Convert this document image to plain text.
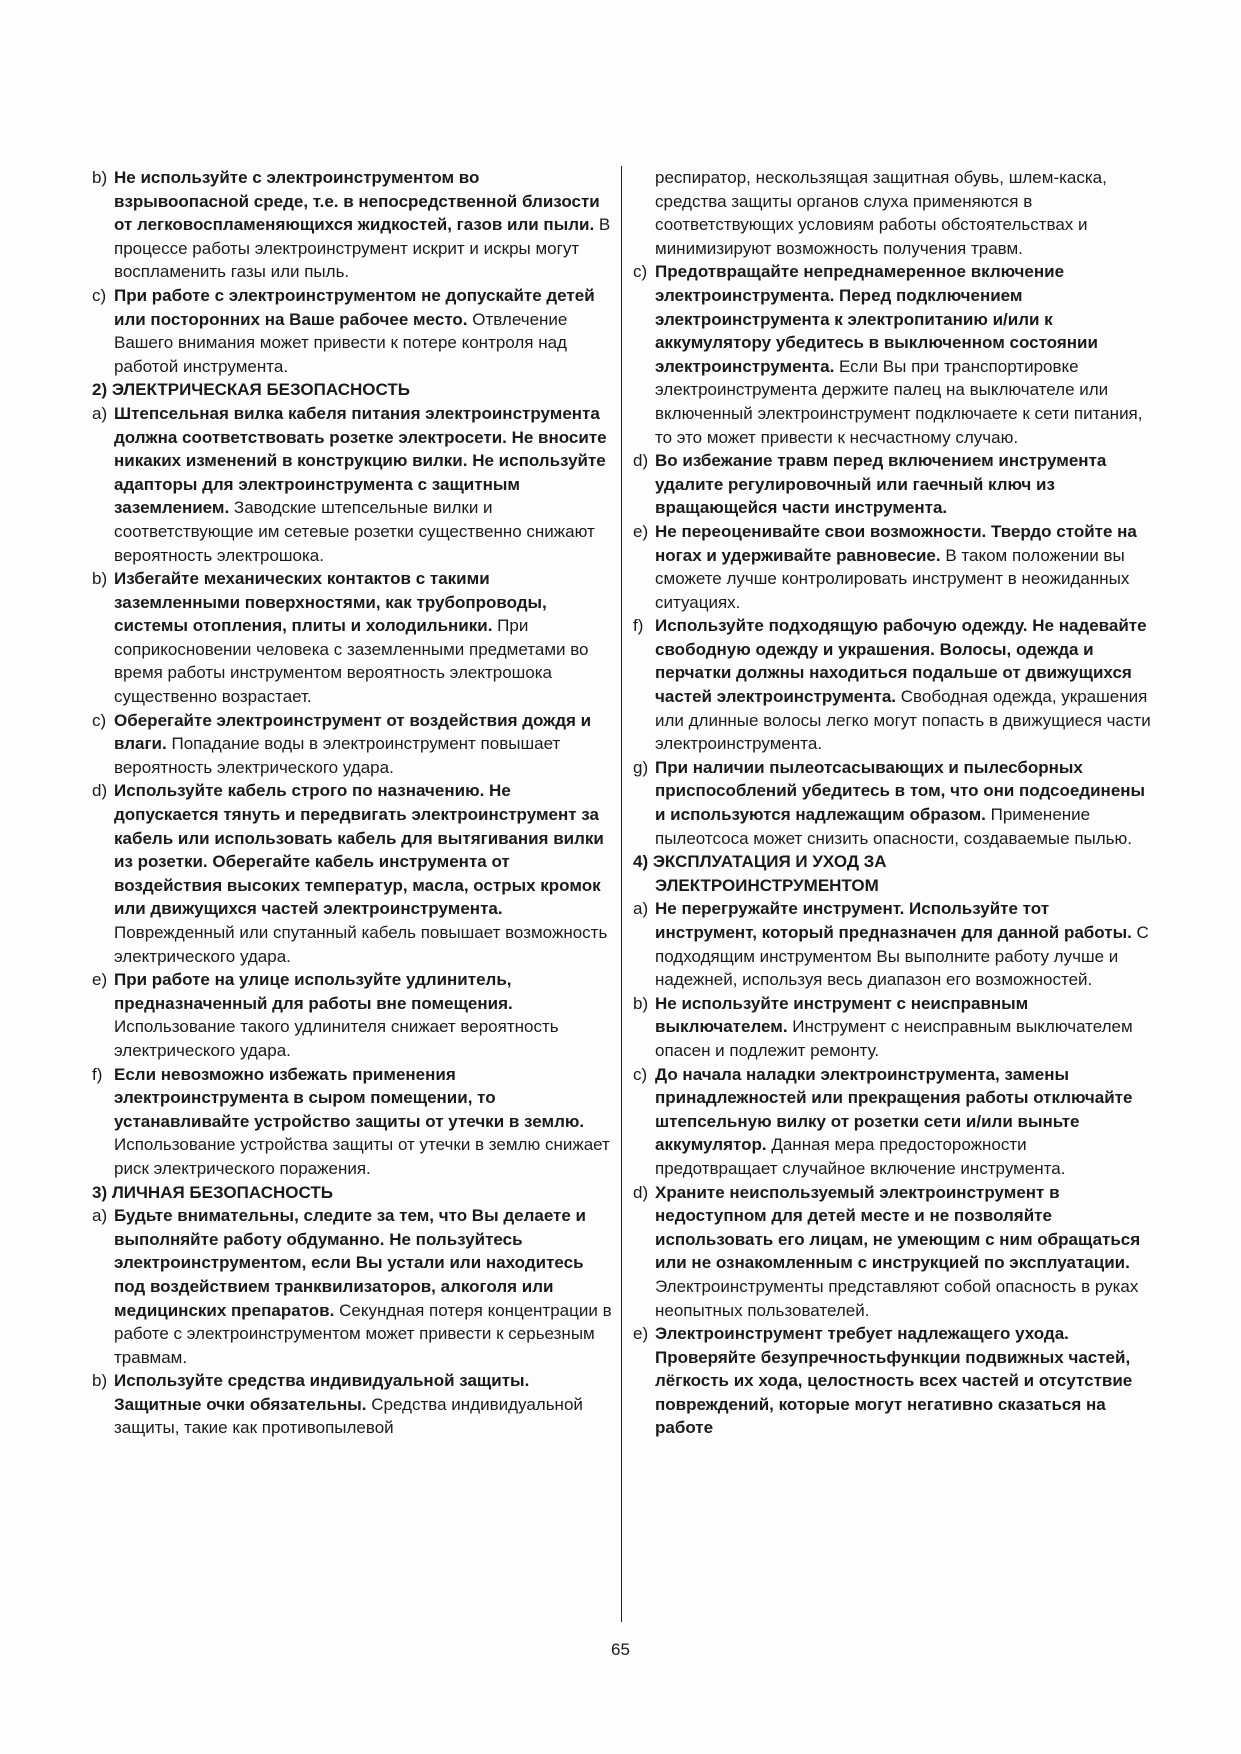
b) Не используйте с электроинструментом во взрывоопасной среде, т.е. в непосредственной близости от легковоспламеняющихся жидкостей, газов или пыли. В процессе работы электроинструмент искрит и искры могут воспламенить газы или пыль.

c) При работе с электроинструментом не допускайте детей или посторонних на Ваше рабочее место. Отвлечение Вашего внимания может привести к потере контроля над работой инструмента.

2) ЭЛЕКТРИЧЕСКАЯ БЕЗОПАСНОСТЬ

a) Штепсельная вилка кабеля питания электроинструмента должна соответствовать розетке электросети. Не вносите никаких изменений в конструкцию вилки. Не используйте адапторы для электроинструмента с защитным заземлением. Заводские штепсельные вилки и соответствующие им сетевые розетки существенно снижают вероятность электрошока.

b) Избегайте механических контактов с такими заземленными поверхностями, как трубопроводы, системы отопления, плиты и холодильники. При соприкосновении человека с заземленными предметами во время работы инструментом вероятность электрошока существенно возрастает.

c) Оберегайте электроинструмент от воздействия дождя и влаги. Попадание воды в электроинструмент повышает вероятность электрического удара.

d) Используйте кабель строго по назначению. Не допускается тянуть и передвигать электроинструмент за кабель или использовать кабель для вытягивания вилки из розетки. Оберегайте кабель инструмента от воздействия высоких температур, масла, острых кромок или движущихся частей электроинструмента. Поврежденный или спутанный кабель повышает возможность электрического удара.

e) При работе на улице используйте удлинитель, предназначенный для работы вне помещения. Использование такого удлинителя снижает вероятность электрического удара.

f) Если невозможно избежать применения электроинструмента в сыром помещении, то устанавливайте устройство защиты от утечки в землю. Использование устройства защиты от утечки в землю снижает риск электрического поражения.

3) ЛИЧНАЯ БЕЗОПАСНОСТЬ

a) Будьте внимательны, следите за тем, что Вы делаете и выполняйте работу обдуманно. Не пользуйтесь электроинструментом, если Вы устали или находитесь под воздействием транквилизаторов, алкоголя или медицинских препаратов. Секундная потеря концентрации в работе с электроинструментом может привести к серьезным травмам.

b) Используйте средства индивидуальной защиты. Защитные очки обязательны. Средства индивидуальной защиты, такие как противопылевой

респиратор, нескользящая защитная обувь, шлем-каска, средства защиты органов слуха применяются в соответствующих условиям работы обстоятельствах и минимизируют возможность получения травм.

c) Предотвращайте непреднамеренное включение электроинструмента. Перед подключением электроинструмента к электропитанию и/или к аккумулятору убедитесь в выключенном состоянии электроинструмента. Если Вы при транспортировке электроинструмента держите палец на выключателе или включенный электроинструмент подключаете к сети питания, то это может привести к несчастному случаю.

d) Во избежание травм перед включением инструмента удалите регулировочный или гаечный ключ из вращающейся части инструмента.

e) Не переоценивайте свои возможности. Твердо стойте на ногах и удерживайте равновесие. В таком положении вы сможете лучше контролировать инструмент в неожиданных ситуациях.

f) Используйте подходящую рабочую одежду. Не надевайте свободную одежду и украшения. Волосы, одежда и перчатки должны находиться подальше от движущихся частей электроинструмента. Свободная одежда, украшения или длинные волосы легко могут попасть в движущиеся части электроинструмента.

g) При наличии пылеотсасывающих и пылесборных приспособлений убедитесь в том, что они подсоединены и используются надлежащим образом. Применение пылеотсоса может снизить опасности, создаваемые пылью.

4) ЭКСПЛУАТАЦИЯ И УХОД ЗА

ЭЛЕКТРОИНСТРУМЕНТОМ

a) Не перегружайте инструмент. Используйте тот инструмент, который предназначен для данной работы. С подходящим инструментом Вы выполните работу лучше и надежней, используя весь диапазон его возможностей.

b) Не используйте инструмент с неисправным выключателем. Инструмент с неисправным выключателем опасен и подлежит ремонту.

c) До начала наладки электроинструмента, замены принадлежностей или прекращения работы отключайте штепсельную вилку от розетки сети и/или выньте аккумулятор. Данная мера предосторожности предотвращает случайное включение инструмента.

d) Храните неиспользуемый электроинструмент в недоступном для детей месте и не позволяйте использовать его лицам, не умеющим с ним обращаться или не ознакомленным с инструкцией по эксплуатации. Электроинструменты представляют собой опасность в руках неопытных пользователей.

e) Электроинструмент требует надлежащего ухода. Проверяйте безупречностьфункции подвижных частей, лёгкость их хода, целостность всех частей и отсутствие повреждений, которые могут негативно сказаться на работе

65
